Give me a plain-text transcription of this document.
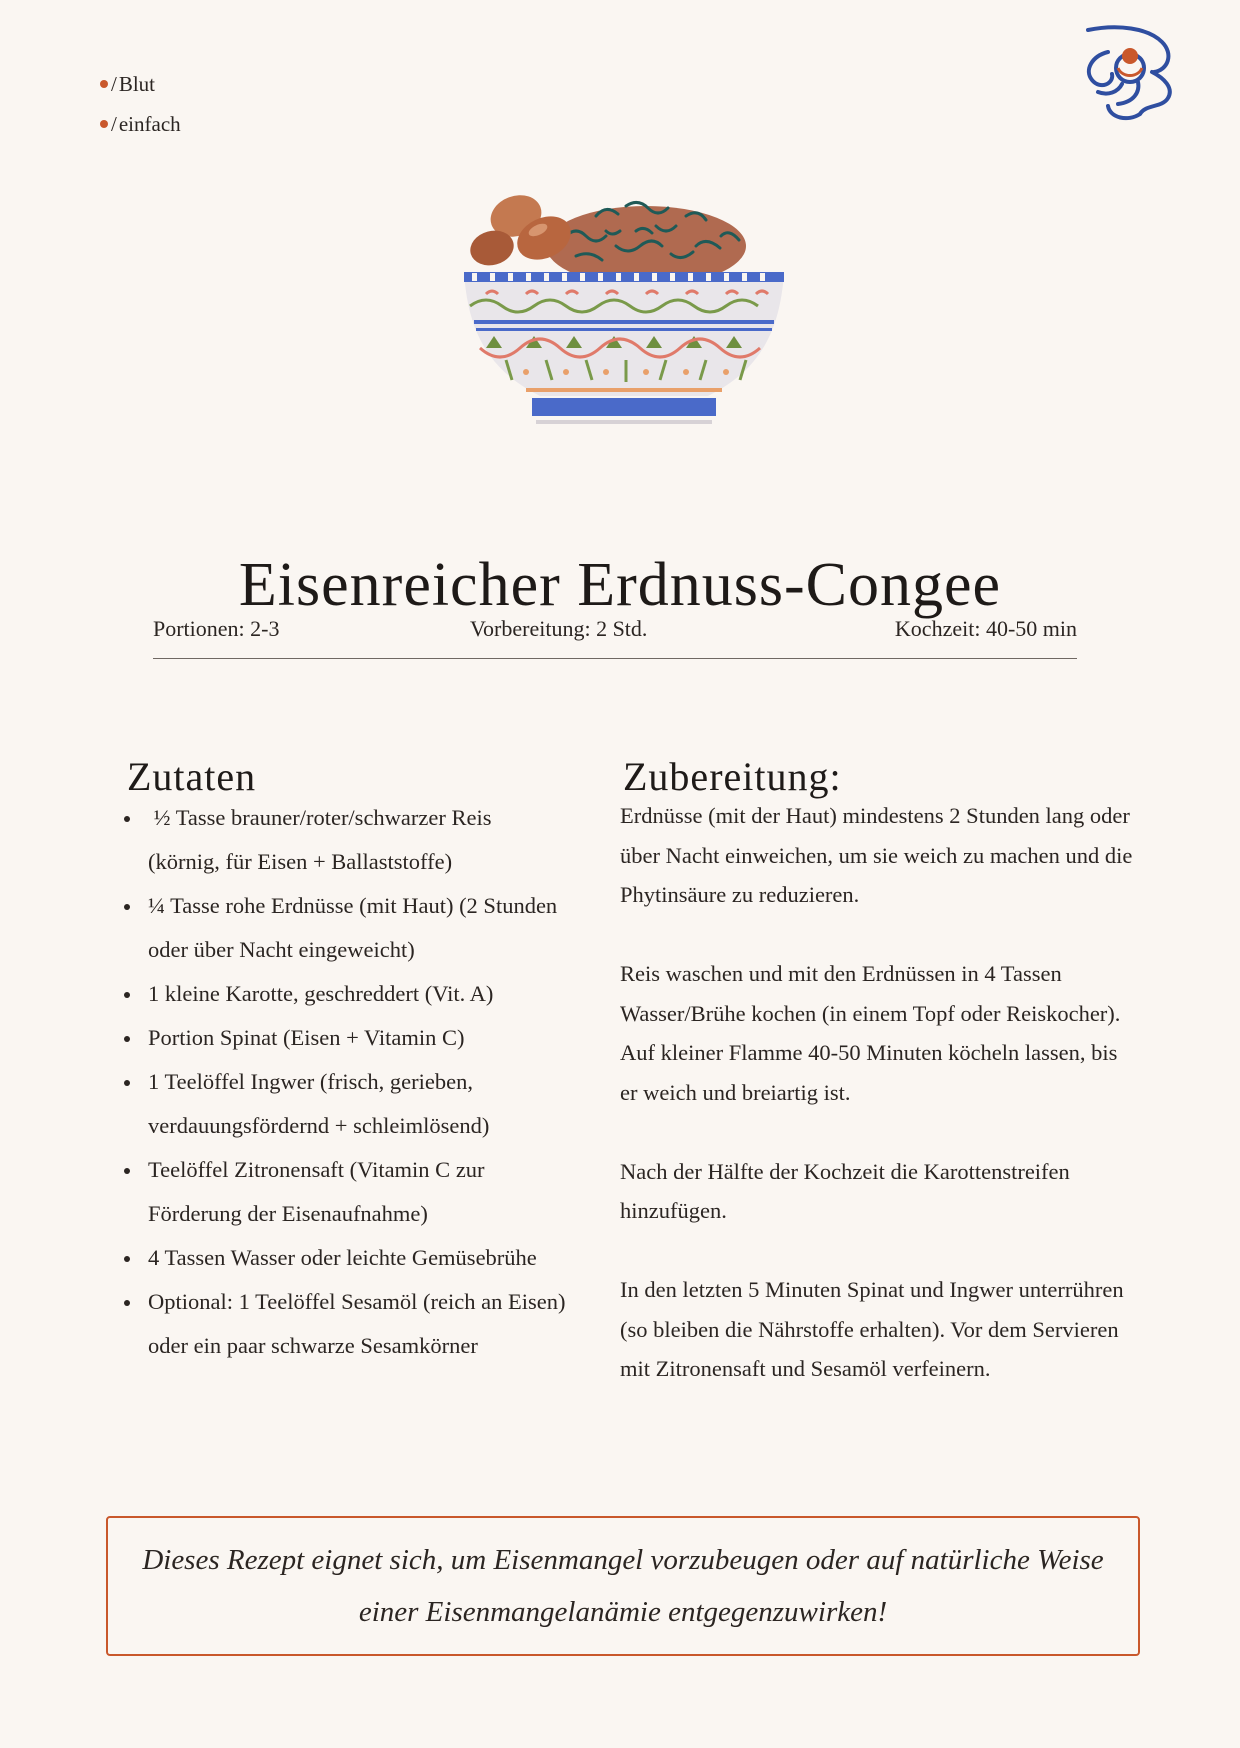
/ Blut
/ einfach
Eisenreicher Erdnuss-Congee
Portionen: 2-3	Vorbereitung: 2 Std.	Kochzeit: 40-50 min
Zutaten
½ Tasse brauner/roter/schwarzer Reis (körnig, für Eisen + Ballaststoffe)
¼ Tasse rohe Erdnüsse (mit Haut) (2 Stunden oder über Nacht eingeweicht)
1 kleine Karotte, geschreddert (Vit. A)
Portion Spinat (Eisen + Vitamin C)
1 Teelöffel Ingwer (frisch, gerieben, verdauungsfördernd + schleimlösend)
Teelöffel Zitronensaft (Vitamin C zur Förderung der Eisenaufnahme)
4 Tassen Wasser oder leichte Gemüsebrühe
Optional: 1 Teelöffel Sesamöl (reich an Eisen) oder ein paar schwarze Sesamkörner
Zubereitung:

Erdnüsse (mit der Haut) mindestens 2 Stunden lang oder über Nacht einweichen, um sie weich zu machen und die Phytinsäure zu reduzieren.

Reis waschen und mit den Erdnüssen in 4 Tassen Wasser/Brühe kochen (in einem Topf oder Reiskocher). Auf kleiner Flamme 40-50 Minuten köcheln lassen, bis er weich und breiartig ist.

Nach der Hälfte der Kochzeit die Karottenstreifen hinzufügen.

In den letzten 5 Minuten Spinat und Ingwer unterrühren (so bleiben die Nährstoffe erhalten). Vor dem Servieren mit Zitronensaft und Sesamöl verfeinern.

Dieses Rezept eignet sich, um Eisenmangel vorzubeugen oder auf natürliche Weise einer Eisenmangelanämie entgegenzuwirken!
